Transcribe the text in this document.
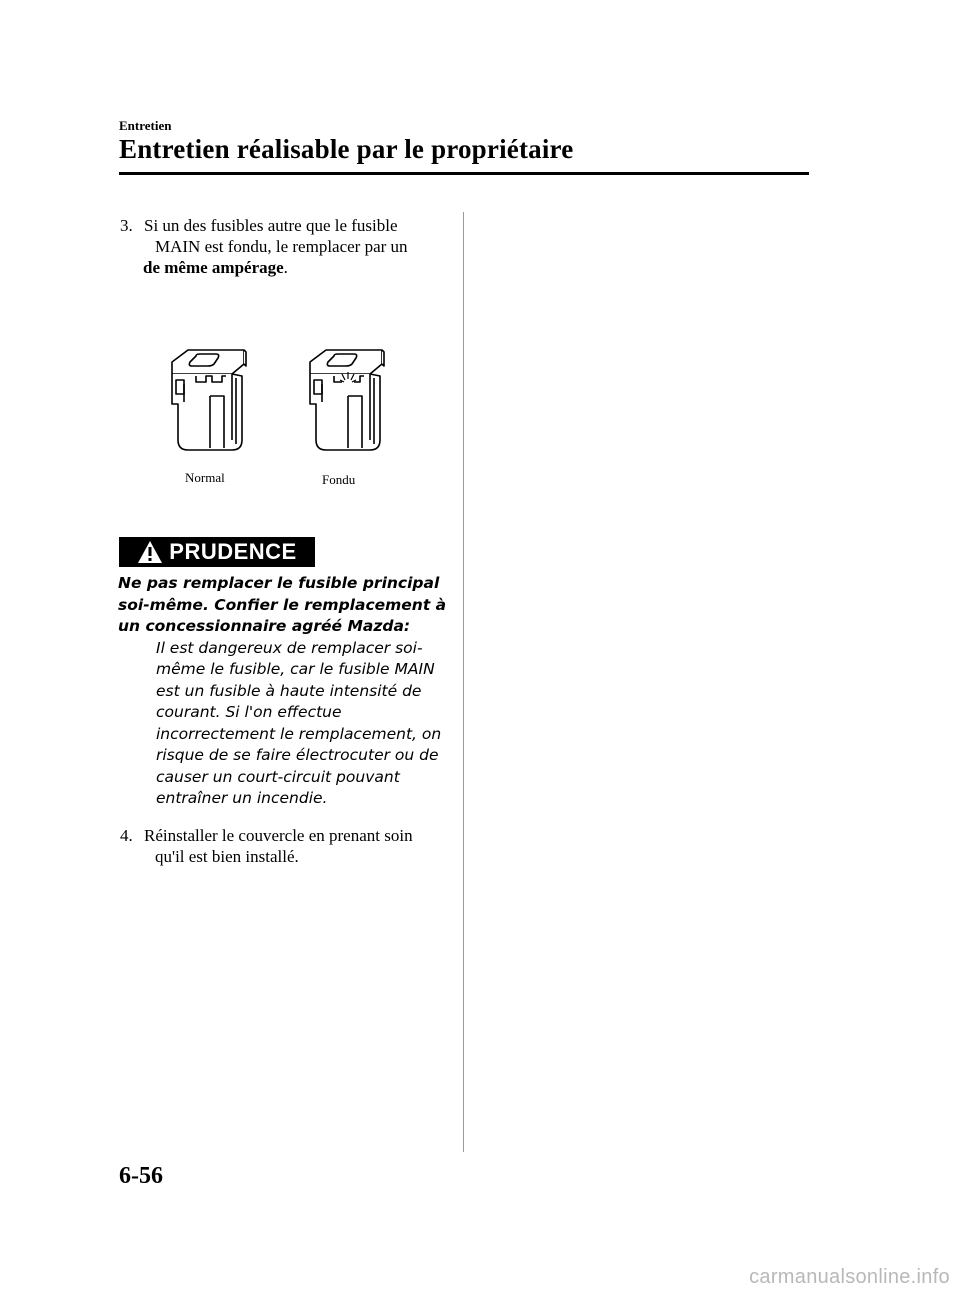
Entretien
Entretien réalisable par le propriétaire
3. Si un des fusibles autre que le fusible
MAIN est fondu, le remplacer par un
de même ampérage.
Normal	Fondu
PRUDENCE
Ne pas remplacer le fusible principal
soi-même. Confier le remplacement à
un concessionnaire agréé Mazda:
Il est dangereux de remplacer soi-
même le fusible, car le fusible MAIN
est un fusible à haute intensité de
courant. Si l'on effectue
incorrectement le remplacement, on
risque de se faire électrocuter ou de
causer un court-circuit pouvant
entraîner un incendie.
4. Réinstaller le couvercle en prenant soin
qu'il est bien installé.
6-56
carmanualsonline.info
